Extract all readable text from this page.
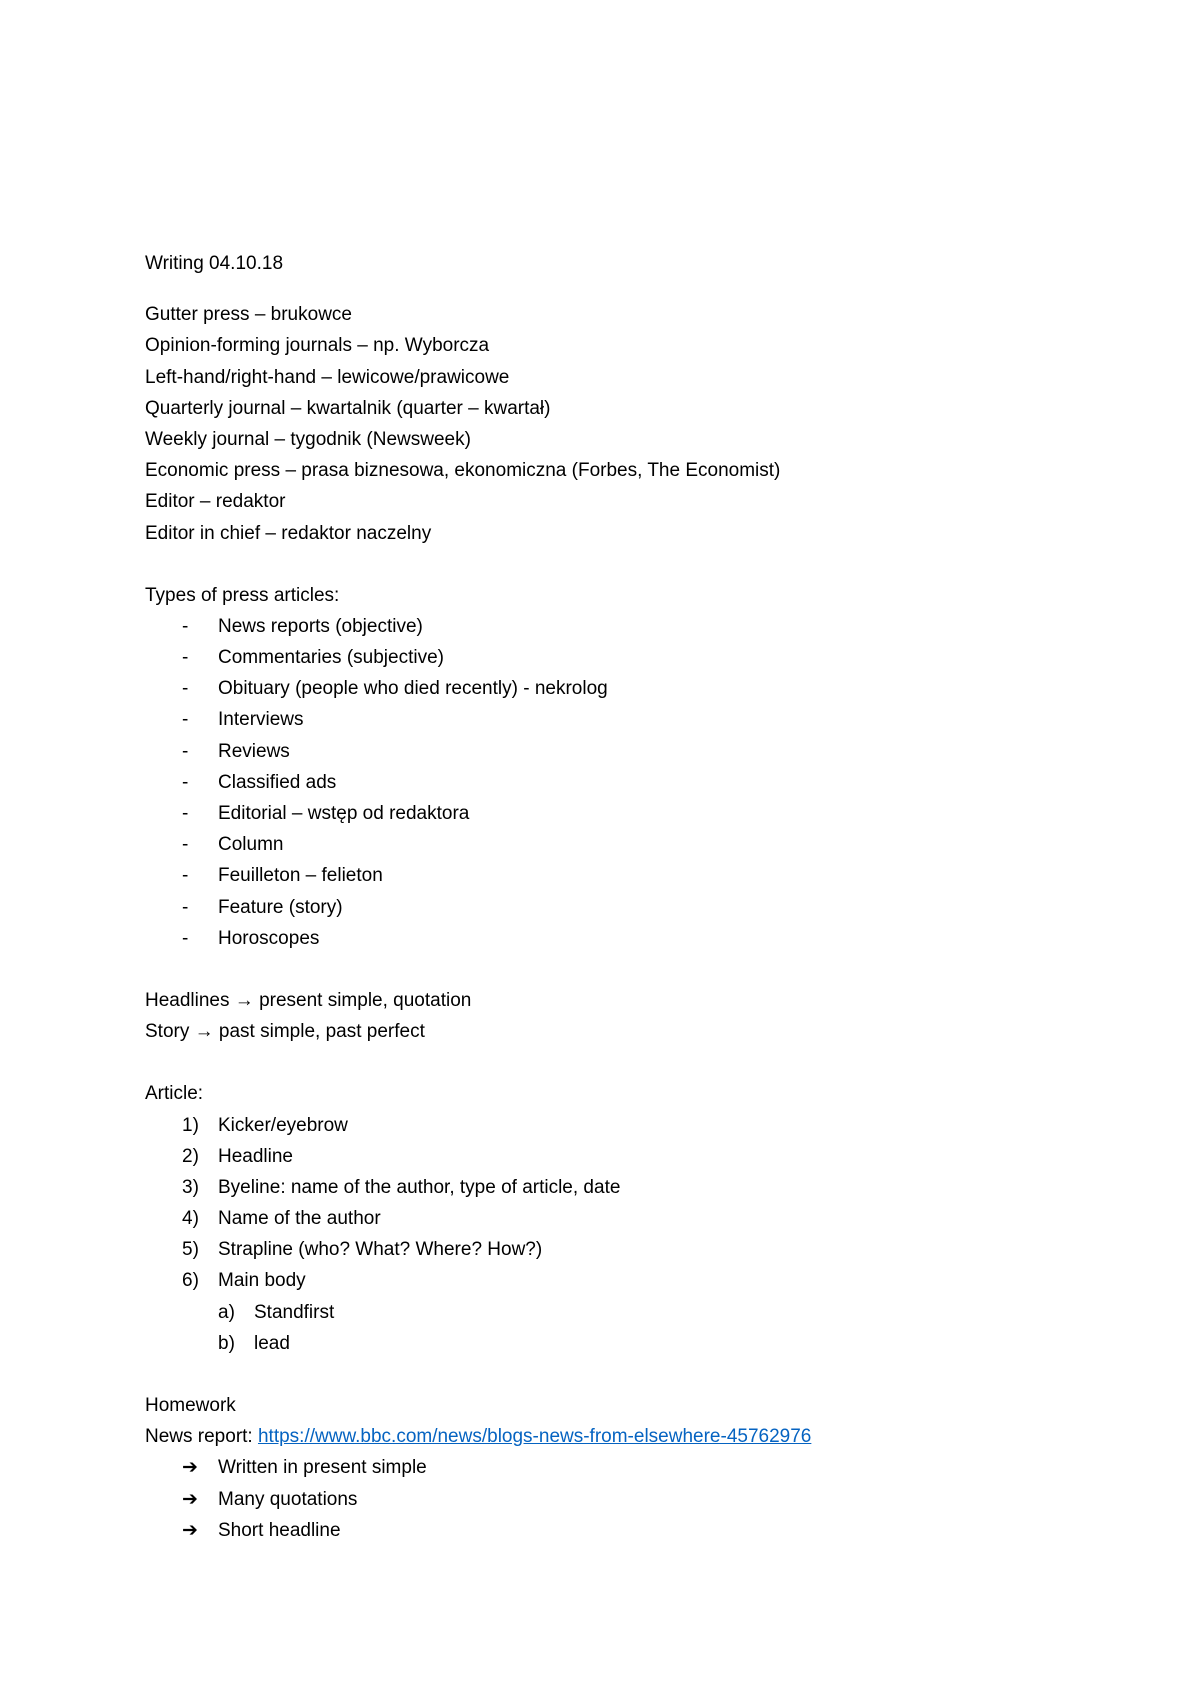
Writing 04.10.18
Gutter press – brukowce
Opinion-forming journals – np. Wyborcza
Left-hand/right-hand – lewicowe/prawicowe
Quarterly journal – kwartalnik (quarter – kwartał)
Weekly journal – tygodnik (Newsweek)
Economic press – prasa biznesowa, ekonomiczna (Forbes, The Economist)
Editor – redaktor
Editor in chief – redaktor naczelny
Types of press articles:
-	News reports (objective)
-	Commentaries (subjective)
-	Obituary (people who died recently) - nekrolog
-	Interviews
-	Reviews
-	Classified ads
-	Editorial – wstęp od redaktora
-	Column
-	Feuilleton – felieton
-	Feature (story)
-	Horoscopes
Headlines → present simple, quotation
Story → past simple, past perfect
Article:
1)	Kicker/eyebrow
2)	Headline
3)	Byeline: name of the author, type of article, date
4)	Name of the author
5)	Strapline (who? What? Where? How?)
6)	Main body
a)	Standfirst
b)	lead
Homework
News report: https://www.bbc.com/news/blogs-news-from-elsewhere-45762976
➔	Written in present simple
➔	Many quotations
➔	Short headline
